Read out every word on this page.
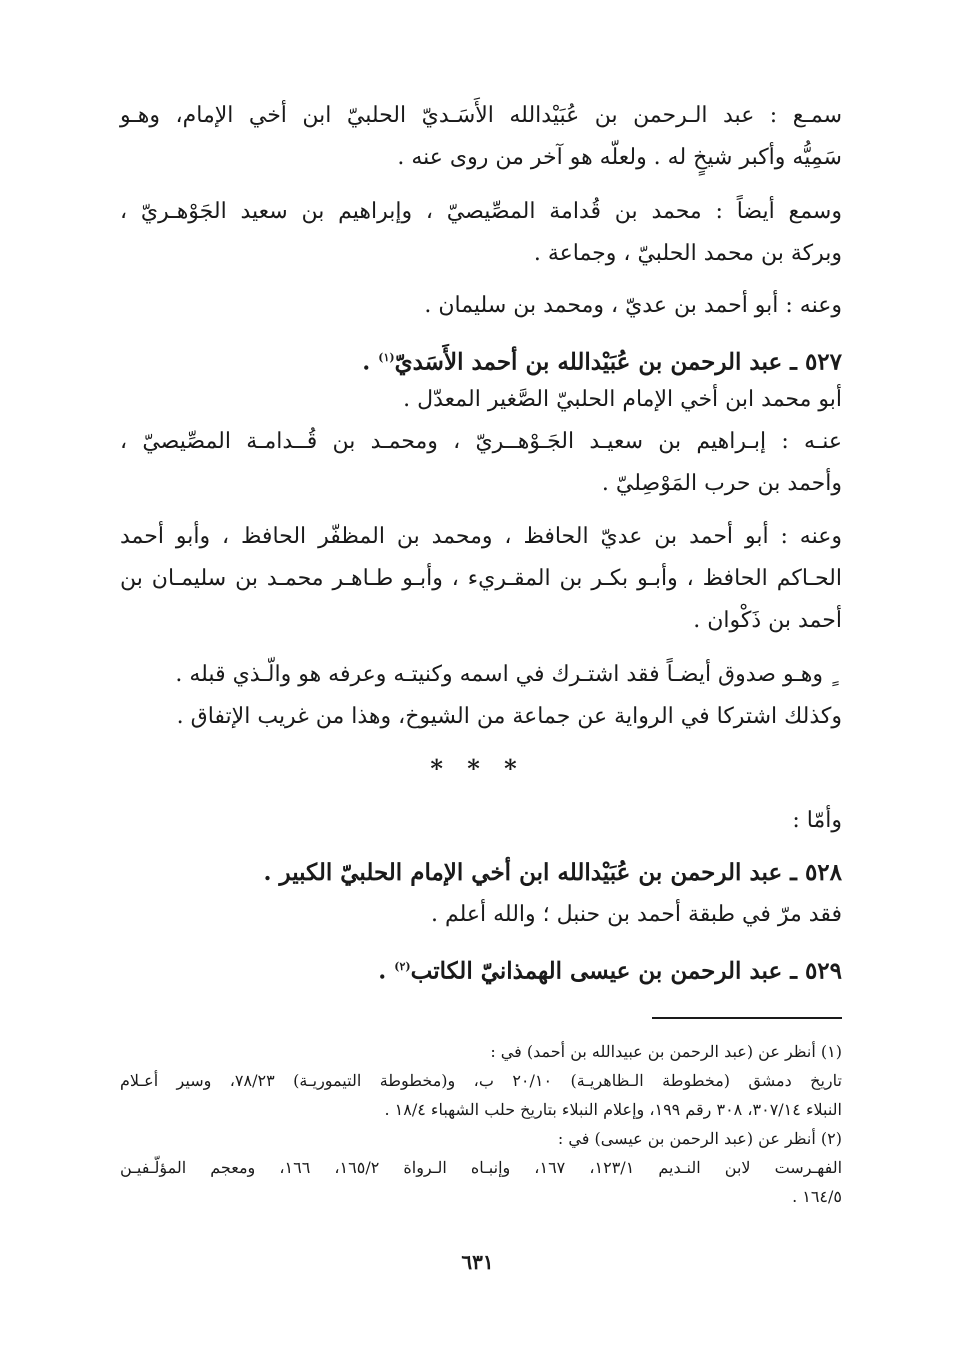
سمـع : عبد الـرحمن بن عُبَيْدالله الأَسَـديّ الحلبيّ ابن أخي الإمام، وهـو
سَمِيُّه وأكبر شيخٍ له . ولعلّه هو آخر من روى عنه .
وسمع أيضاً : محمد بن قُدامة المصِّيصيّ ، وإبراهيم بن سعيد الجَوْهـريّ ،
وبركة بن محمد الحلبيّ ، وجماعة .
وعنه : أبو أحمد بن عديّ ، ومحمد بن سليمان .
٥٢٧ ـ عبد الرحمن بن عُبَيْدالله بن أحمد الأَسَديّ$^{(١)}$ .
أبو محمد ابن أخي الإمام الحلبيّ الصَّغير المعدّل .
عنـه : إبـراهيم بن سعيـد الجَـوْهــريّ ، ومحمـد بن قُــدامـة المصِّيصيّ ،
وأحمد بن حرب المَوْصِليّ .
وعنه : أبو أحمد بن عديّ الحافظ ، ومحمد بن المظفّر الحافظ ، وأبو أحمد
الحـاكم الحافظ ، وأبـو بكـر بن المقـريء ، وأبـو طـاهـر محمـد بن سليمـان بن
أحمد بن ذَكْوان .
ٍ وهـو صدوق أيضـاً فقد اشتـرك في اسمه وكنيتـه وعرفه هو والّـذي قبله .
وكذلك اشتركا في الرواية عن جماعة من الشيوخ، وهذا من غريب الإتفاق .
وأمّا :
٥٢٨ ـ عبد الرحمن بن عُبَيْدالله ابن أخي الإمام الحلبيّ الكبير .
فقد مرّ في طبقة أحمد بن حنبل ؛ والله أعلم .
٥٢٩ ـ عبد الرحمن بن عيسى الهمذانيّ الكاتب$^{(٢)}$ .
* * *
(١) أنظر عن (عبد الرحمن بن عبيدالله بن أحمد) في :
تاريخ دمشق (مخطوطة الـظاهريـة) ٢٠/١٠ ب، و(مخطوطة التيموريـة) ٧٨/٢٣، وسير أعـلام
النبلاء ٣٠٧/١٤، ٣٠٨ رقم ١٩٩، وإعلام النبلاء بتاريخ حلب الشهباء ١٨/٤ .
(٢) أنظر عن (عبد الرحمن بن عيسى) في :
الفهـرست لابن النـديم ١٢٣/١، ١٦٧، وإنبـاه الـرواة ١٦٥/٢، ١٦٦، ومعجم المؤلّـفيـن
١٦٤/٥ .
٦٣١
